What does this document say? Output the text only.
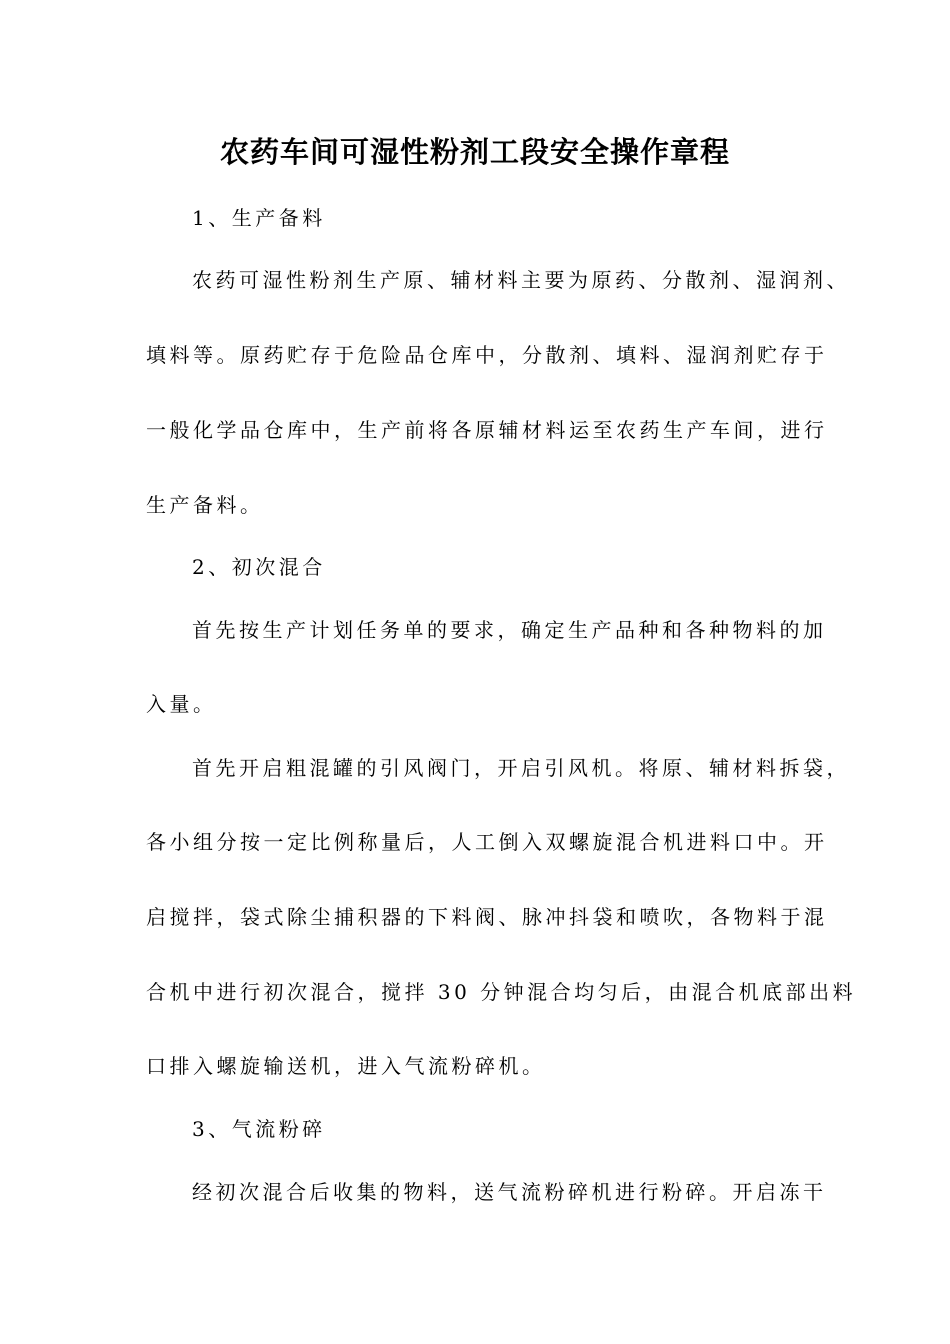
农药车间可湿性粉剂工段安全操作章程
1、生产备料
农药可湿性粉剂生产原、辅材料主要为原药、分散剂、湿润剂、
填料等。原药贮存于危险品仓库中，分散剂、填料、湿润剂贮存于
一般化学品仓库中，生产前将各原辅材料运至农药生产车间，进行
生产备料。
2、初次混合
首先按生产计划任务单的要求，确定生产品种和各种物料的加
入量。
首先开启粗混罐的引风阀门，开启引风机。将原、辅材料拆袋，
各小组分按一定比例称量后，人工倒入双螺旋混合机进料口中。开
启搅拌，袋式除尘捕积器的下料阀、脉冲抖袋和喷吹，各物料于混
合机中进行初次混合，搅拌 30 分钟混合均匀后，由混合机底部出料
口排入螺旋输送机，进入气流粉碎机。
3、气流粉碎
经初次混合后收集的物料，送气流粉碎机进行粉碎。开启冻干
